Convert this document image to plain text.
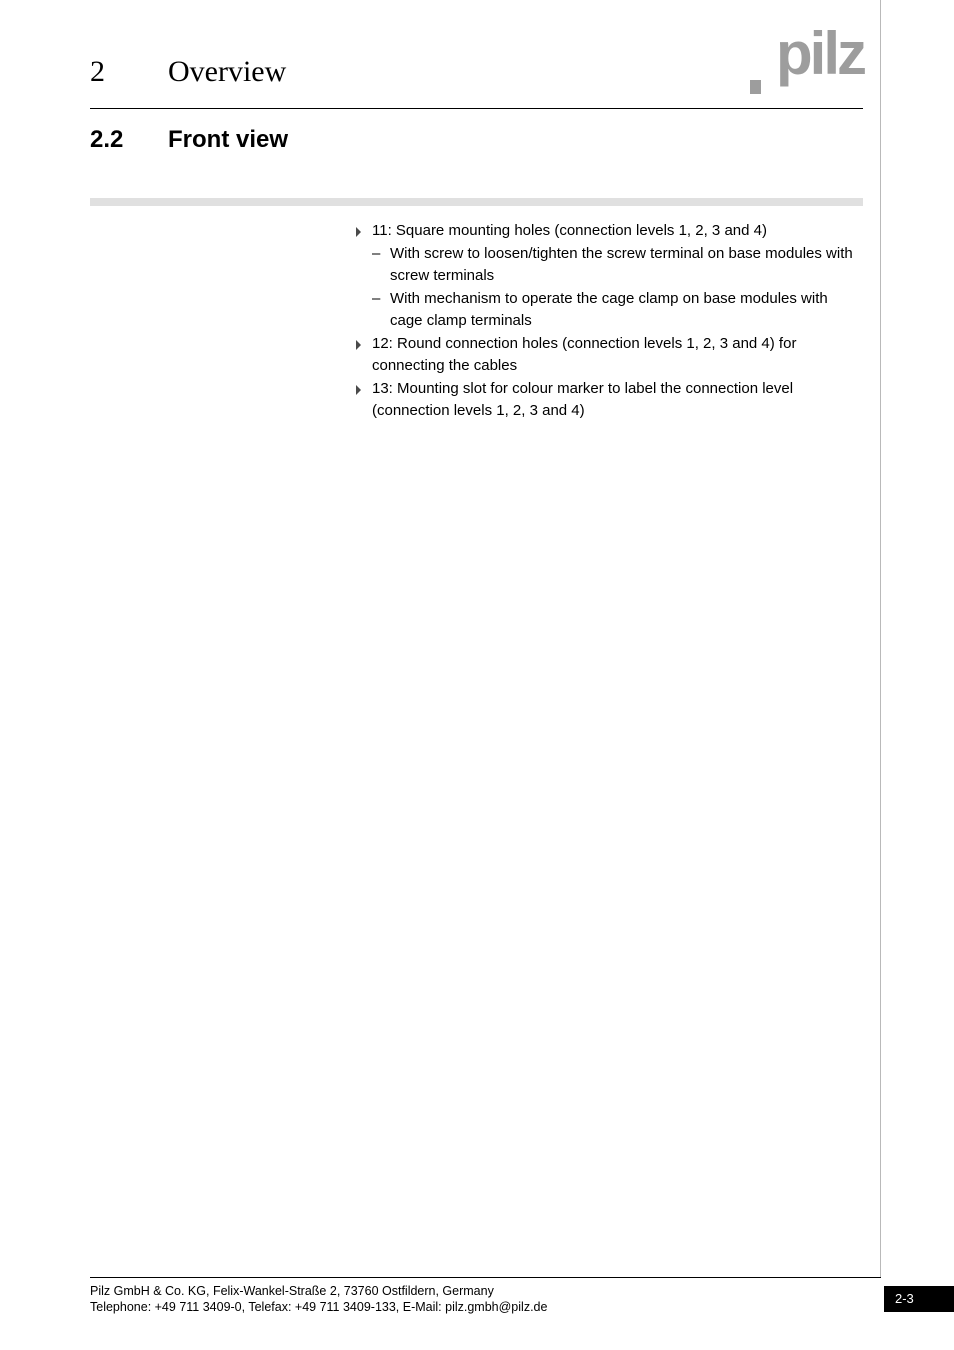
2 Overview	pilz
2.2 Front view
11: Square mounting holes (connection levels 1, 2, 3 and 4)
– With screw to loosen/tighten the screw terminal on base modules with screw terminals
– With mechanism to operate the cage clamp on base modules with cage clamp terminals
12: Round connection holes (connection levels 1, 2, 3 and 4) for connecting the cables
13: Mounting slot for colour marker to label the connection level (connection levels 1, 2, 3 and 4)
Pilz GmbH & Co. KG, Felix-Wankel-Straße 2, 73760 Ostfildern, Germany
Telephone: +49 711 3409-0, Telefax: +49 711 3409-133, E-Mail: pilz.gmbh@pilz.de
2-3
